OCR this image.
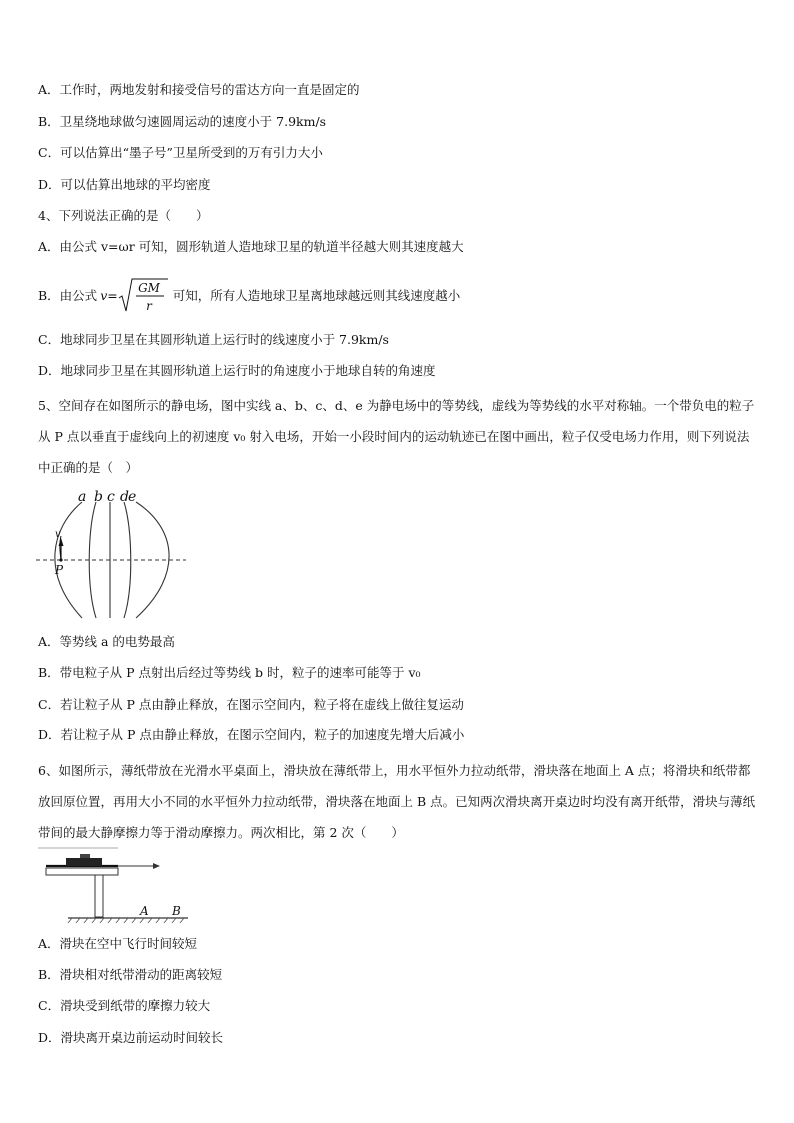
A．工作时，两地发射和接受信号的雷达方向一直是固定的
B．卫星绕地球做匀速圆周运动的速度小于 7.9km/s
C．可以估算出“墨子号”卫星所受到的万有引力大小
D．可以估算出地球的平均密度
4、下列说法正确的是（　　）
A．由公式 v=ωr 可知，圆形轨道人造地球卫星的轨道半径越大则其速度越大
B．由公式 v= GM
r
可知，所有人造地球卫星离地球越远则其线速度越小
C．地球同步卫星在其圆形轨道上运行时的线速度小于 7.9km/s
D．地球同步卫星在其圆形轨道上运行时的角速度小于地球自转的角速度
5、空间存在如图所示的静电场，图中实线 a、b、c、d、e 为静电场中的等势线，虚线为等势线的水平对称轴。一个带负电的粒子从 P 点以垂直于虚线向上的初速度 v₀ 射入电场，开始一小段时间内的运动轨迹已在图中画出，粒子仅受电场力作用，则下列说法中正确的是（　）
a b c d e
v
P
A．等势线 a 的电势最高
B．带电粒子从 P 点射出后经过等势线 b 时，粒子的速率可能等于 v₀
C．若让粒子从 P 点由静止释放，在图示空间内，粒子将在虚线上做往复运动
D．若让粒子从 P 点由静止释放，在图示空间内，粒子的加速度先增大后减小
6、如图所示，薄纸带放在光滑水平桌面上，滑块放在薄纸带上，用水平恒外力拉动纸带，滑块落在地面上 A 点；将滑块和纸带都放回原位置，再用大小不同的水平恒外力拉动纸带，滑块落在地面上 B 点。已知两次滑块离开桌边时均没有离开纸带，滑块与薄纸带间的最大静摩擦力等于滑动摩擦力。两次相比，第 2 次（　　）
A B
A．滑块在空中飞行时间较短
B．滑块相对纸带滑动的距离较短
C．滑块受到纸带的摩擦力较大
D．滑块离开桌边前运动时间较长
